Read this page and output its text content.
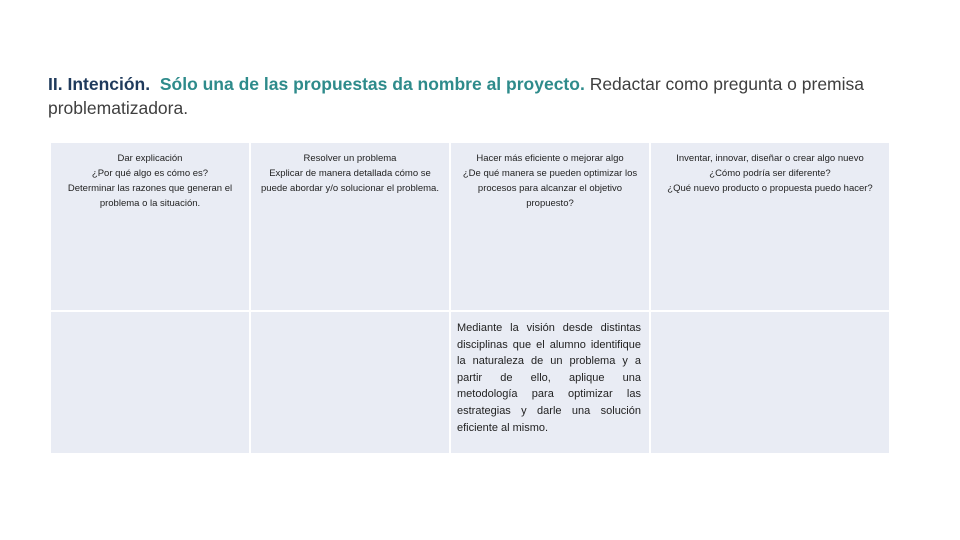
II. Intención. Sólo una de las propuestas da nombre al proyecto. Redactar como pregunta o premisa problematizadora.
Dar explicación
¿Por qué algo es cómo es?
Determinar las razones que generan el
problema o la situación.
Resolver un problema
Explicar de manera detallada cómo se
puede abordar y/o solucionar el problema.
Hacer más eficiente o mejorar algo
¿De qué manera se pueden optimizar los
procesos para alcanzar el objetivo
propuesto?
Inventar, innovar, diseñar o crear algo nuevo
¿Cómo podría ser diferente?
¿Qué nuevo producto o propuesta puedo hacer?
Mediante la visión desde distintas disciplinas que el alumno identifique la naturaleza de un problema y a partir de ello, aplique una metodología para optimizar las estrategias y darle una solución eficiente al mismo.
